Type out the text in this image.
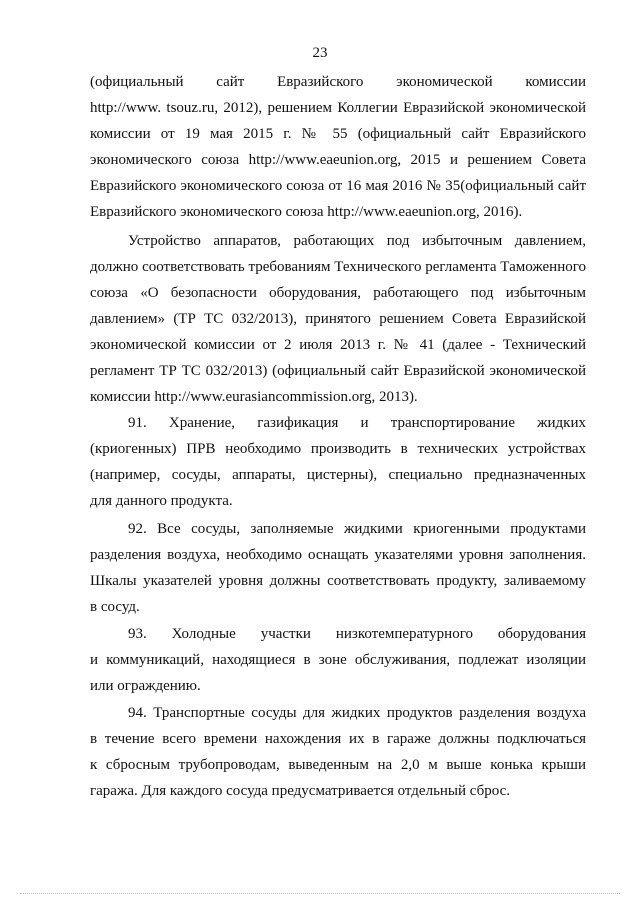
23

(официальный сайт Евразийского экономической комиссии

http://www. tsouz.ru, 2012), решением Коллегии Евразийской экономической

комиссии от 19 мая 2015 г. № 55 (официальный сайт Евразийского

экономического союза http://www.eaeunion.org, 2015 и решением Совета

Евразийского экономического союза от 16 мая 2016 № 35(официальный сайт

Евразийского экономического союза http://www.eaeunion.org, 2016).

Устройство аппаратов, работающих под избыточным давлением,

должно соответствовать требованиям Технического регламента Таможенного

союза «О безопасности оборудования, работающего под избыточным

давлением» (ТР ТС 032/2013), принятого решением Совета Евразийской

экономической комиссии от 2 июля 2013 г. № 41 (далее - Технический

регламент ТР ТС 032/2013) (официальный сайт Евразийской экономической

комиссии http://www.eurasiancommission.org, 2013).

91. Хранение, газификация и транспортирование жидких

(криогенных) ПРВ необходимо производить в технических устройствах

(например, сосуды, аппараты, цистерны), специально предназначенных

для данного продукта.

92. Все сосуды, заполняемые жидкими криогенными продуктами

разделения воздуха, необходимо оснащать указателями уровня заполнения.

Шкалы указателей уровня должны соответствовать продукту, заливаемому

в сосуд.

93. Холодные участки низкотемпературного оборудования

и коммуникаций, находящиеся в зоне обслуживания, подлежат изоляции

или ограждению.

94. Транспортные сосуды для жидких продуктов разделения воздуха

в течение всего времени нахождения их в гараже должны подключаться

к сбросным трубопроводам, выведенным на 2,0 м выше конька крыши

гаража. Для каждого сосуда предусматривается отдельный сброс.
